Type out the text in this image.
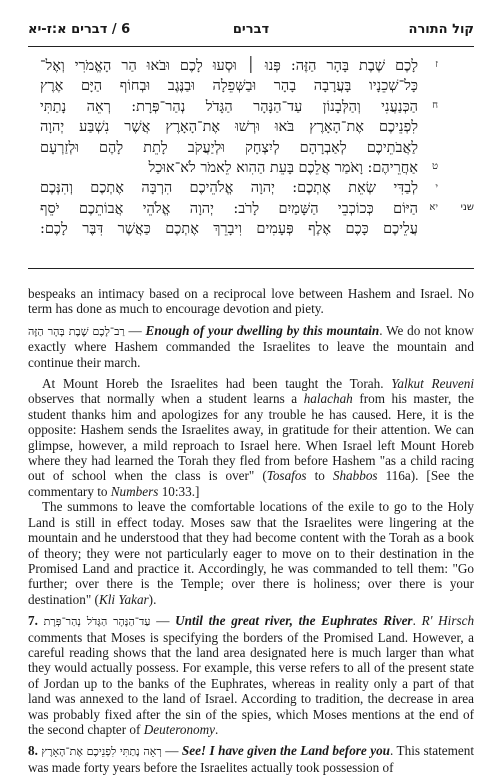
6 / דברים א:ז-יא	דברים	קול התורה
לָכֶם שֶׁבֶת בָּהָר הַזֶּה: פְּנוּ ׀ וּסְעוּ לָכֶם וּבֹאוּ הַר הָאֱמֹרִי וְאֶל־
כָּל־שְׁכֵנָיו בָּעֲרָבָה בָהָר וּבַשְּׁפֵלָה וּבַנֶּגֶב וּבְחוֹף הַיָּם אֶרֶץ
הַכְּנַעֲנִי וְהַלְּבָנוֹן עַד־הַנָּהָר הַגָּדֹל נְהַר־פְּרָת: רְאֵה נָתַתִּי
לִפְנֵיכֶם אֶת־הָאָרֶץ בֹּאוּ וּרְשׁוּ אֶת־הָאָרֶץ אֲשֶׁר נִשְׁבַּע יְהוָה
לַאֲבֹתֵיכֶם לְאַבְרָהָם לְיִצְחָק וּלְיַעֲקֹב לָתֵת לָהֶם וּלְזַרְעָם
אַחֲרֵיהֶם: וָאֹמַר אֲלֵכֶם בָּעֵת הַהִוא לֵאמֹר לֹא־אוּכַל
לְבַדִּי שְׂאֵת אֶתְכֶם: יְהוָה אֱלֹהֵיכֶם הִרְבָּה אֶתְכֶם וְהִנְּכֶם
הַיּוֹם כְּכוֹכְבֵי הַשָּׁמַיִם לָרֹב: יְהוָה אֱלֹהֵי אֲבוֹתֵכֶם יֹסֵף
עֲלֵיכֶם כָּכֶם אֶלֶף פְּעָמִים וִיבָרֵךְ אֶתְכֶם כַּאֲשֶׁר דִּבֶּר לָכֶם:
ז
ח
ט
י
יא	שני

bespeaks an intimacy based on a reciprocal love between Hashem and Israel. No term has done as much to encourage devotion and piety.

רַב־לָכֶם שֶׁבֶת בָּהָר הַזֶּה — Enough of your dwelling by this mountain. We do not know exactly where Hashem commanded the Israelites to leave the mountain and continue their march.

At Mount Horeb the Israelites had been taught the Torah. Yalkut Reuveni observes that normally when a student learns a halachah from his master, the student thanks him and apologizes for any trouble he has caused. Here, it is the opposite: Hashem sends the Israelites away, in gratitude for their attention. We can glimpse, however, a mild reproach to Israel here. When Israel left Mount Horeb where they had learned the Torah they fled from before Hashem "as a child racing out of school when the class is over" (Tosafos to Shabbos 116a). [See the commentary to Numbers 10:33.]

The summons to leave the comfortable locations of the exile to go to the Holy Land is still in effect today. Moses saw that the Israelites were lingering at the mountain and he understood that they had become content with the Torah as a book of theory; they were not particularly eager to move on to their destination in the Promised Land and practice it. Accordingly, he was commanded to tell them: "Go further; over there is the Temple; over there is holiness; over there is your destination" (Kli Yakar).

7. עַד־הַנָּהָר הַגָּדֹל נְהַר־פְּרָת — Until the great river, the Euphrates River. R' Hirsch comments that Moses is specifying the borders of the Promised Land. However, a careful reading shows that the land area designated here is much larger than what they would actually possess. For example, this verse refers to all of the present state of Jordan up to the banks of the Euphrates, whereas in reality only a part of that land was annexed to the land of Israel. According to tradition, the decrease in area was probably fixed after the sin of the spies, which Moses mentions at the end of the second chapter of Deuteronomy.

8. רְאֵה נָתַתִּי לִפְנֵיכֶם אֶת־הָאָרֶץ — See! I have given the Land before you. This statement was made forty years before the Israelites actually took possession of
